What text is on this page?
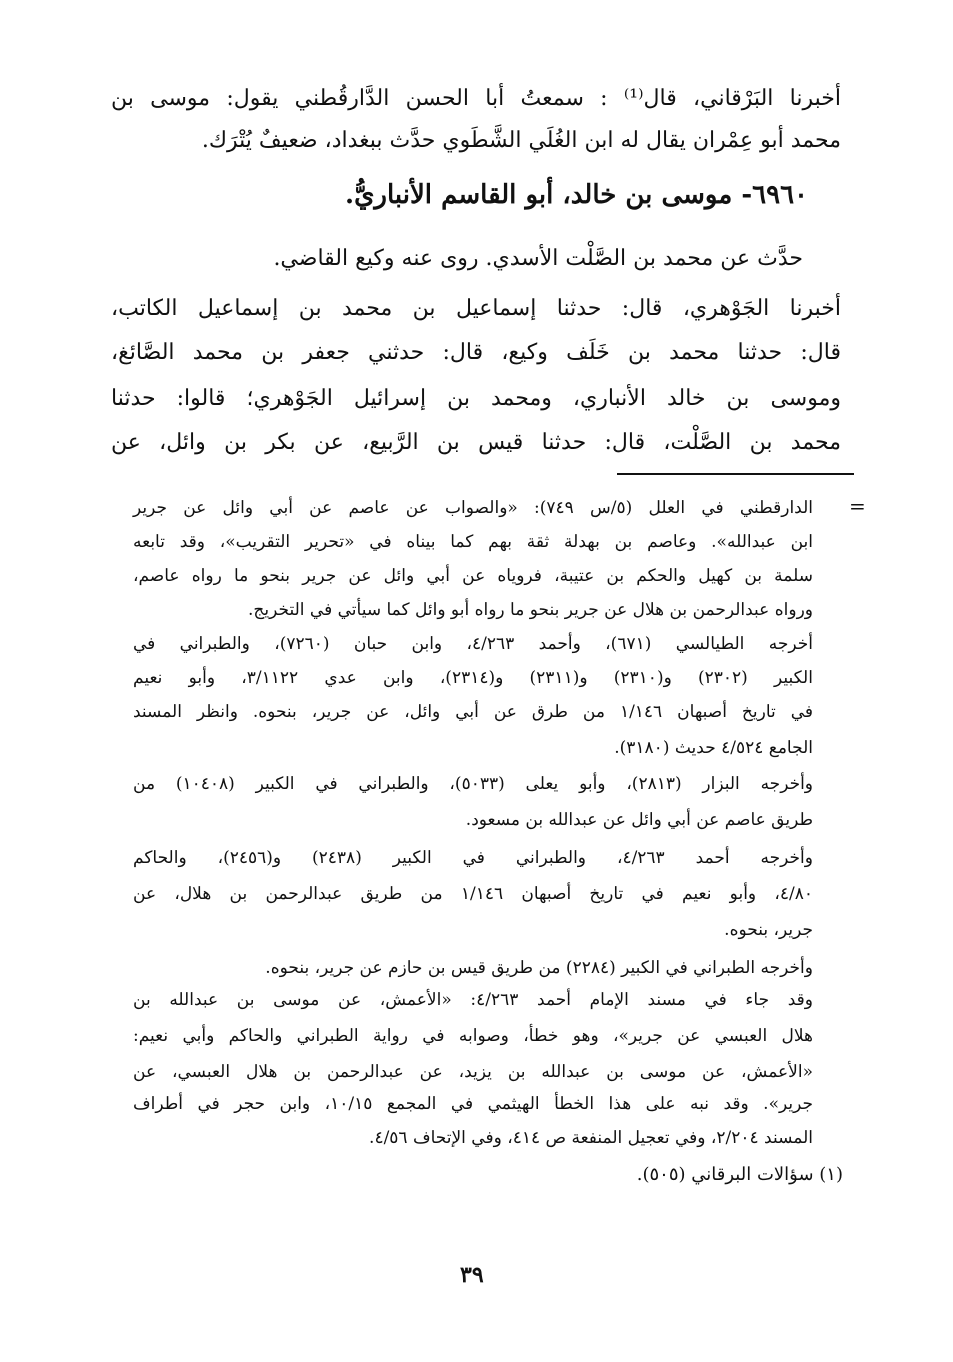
أخبرنا البَرْقاني، قال⁽¹⁾ : سمعتُ أبا الحسن الدَّارقُطني يقول: موسى بن
محمد أبو عِمْران يقال له ابن الغُلَي الشَّطَوي حدَّث ببغداد، ضعيفٌ يُتْرَك.
٦٩٦٠- موسى بن خالد، أبو القاسم الأنباريُّ.
حدَّث عن محمد بن الصَّلْت الأسدي. روى عنه وكيع القاضي.
أخبرنا الجَوْهري، قال: حدثنا إسماعيل بن محمد بن إسماعيل الكاتب،
قال: حدثنا محمد بن خَلَف وكيع، قال: حدثني جعفر بن محمد الصَّائغ،
وموسى بن خالد الأنباري، ومحمد بن إسرائيل الجَوْهري؛ قالوا: حدثنا
محمد بن الصَّلْت، قال: حدثنا قيس بن الرَّبيع، عن بكر بن وائل، عن
=
الدارقطني في العلل (٥/س ٧٤٩): «والصواب عن عاصم عن أبي وائل عن جرير
ابن عبدالله». وعاصم بن بهدلة ثقة بهم كما بيناه في «تحرير التقريب»، وقد تابعه
سلمة بن كهيل والحكم بن عتيبة، فروياه عن أبي وائل عن جرير بنحو ما رواه عاصم،
ورواه عبدالرحمن بن هلال عن جرير بنحو ما رواه أبو وائل كما سيأتي في التخريج.
أخرجه الطيالسي (٦٧١)، وأحمد ٤/٢٦٣، وابن حبان (٧٢٦٠)، والطبراني في
الكبير (٢٣٠٢) و(٢٣١٠) و(٢٣١١) و(٢٣١٤)، وابن عدي ٣/١١٢٢، وأبو نعيم
في تاريخ أصبهان ١/١٤٦ من طرق عن أبي وائل، عن جرير، بنحوه. وانظر المسند
الجامع ٤/٥٢٤ حديث (٣١٨٠).
وأخرجه البزار (٢٨١٣)، وأبو يعلى (٥٠٣٣)، والطبراني في الكبير (١٠٤٠٨) من
طريق عاصم عن أبي وائل عن عبدالله بن مسعود.
وأخرجه أحمد ٤/٢٦٣، والطبراني في الكبير (٢٤٣٨) و(٢٤٥٦)، والحاكم
٤/٨٠، وأبو نعيم في تاريخ أصبهان ١/١٤٦ من طريق عبدالرحمن بن هلال، عن
جرير، بنحوه.
وأخرجه الطبراني في الكبير (٢٢٨٤) من طريق قيس بن حازم عن جرير، بنحوه.
وقد جاء في مسند الإمام أحمد ٤/٢٦٣: «الأعمش، عن موسى بن عبدالله بن
هلال العبسي عن جرير»، وهو خطأ، وصوابه في رواية الطبراني والحاكم وأبي نعيم:
«الأعمش، عن موسى بن عبدالله بن يزيد، عن عبدالرحمن بن هلال العبسي، عن
جرير». وقد نبه على هذا الخطأ الهيثمي في المجمع ١٠/١٥، وابن حجر في أطراف
المسند ٢/٢٠٤، وفي تعجيل المنفعة ص ٤١٤، وفي الإتحاف ٤/٥٦.
(١) سؤالات البرقاني (٥٠٥).
٣٩
